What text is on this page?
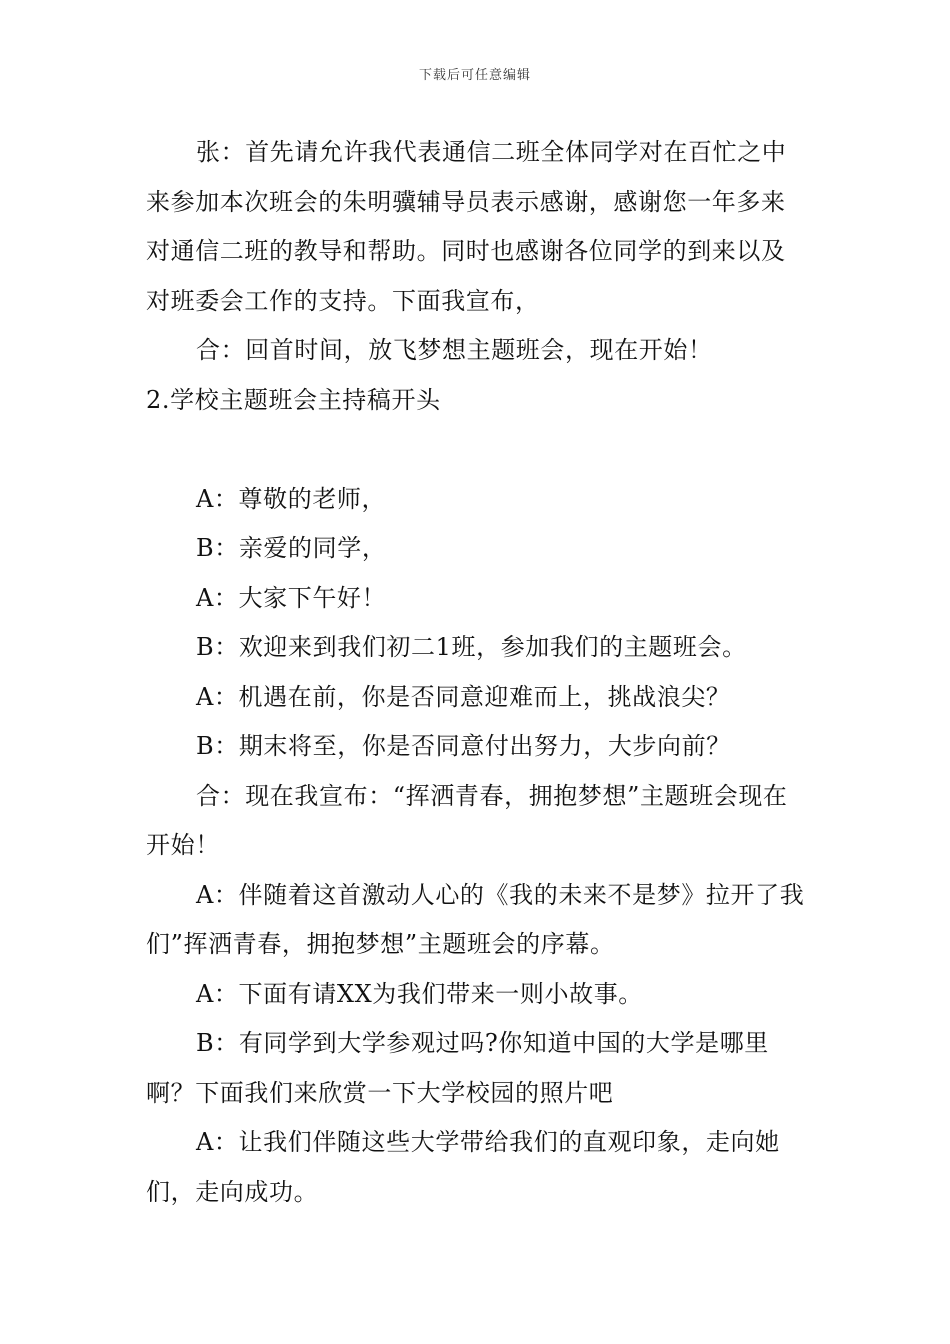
下载后可任意编辑

张：首先请允许我代表通信二班全体同学对在百忙之中来参加本次班会的朱明骥辅导员表示感谢，感谢您一年多来对通信二班的教导和帮助。同时也感谢各位同学的到来以及对班委会工作的支持。下面我宣布，

合：回首时间，放飞梦想主题班会，现在开始！

2.学校主题班会主持稿开头

A：尊敬的老师，

B：亲爱的同学，

A：大家下午好！

B：欢迎来到我们初二1班，参加我们的主题班会。

A：机遇在前，你是否同意迎难而上，挑战浪尖？

B：期末将至，你是否同意付出努力，大步向前？

合：现在我宣布：“挥洒青春，拥抱梦想”主题班会现在开始！

A：伴随着这首激动人心的《我的未来不是梦》拉开了我们”挥洒青春，拥抱梦想”主题班会的序幕。

A：下面有请XX为我们带来一则小故事。

B：有同学到大学参观过吗?你知道中国的大学是哪里啊？下面我们来欣赏一下大学校园的照片吧

A：让我们伴随这些大学带给我们的直观印象，走向她们，走向成功。
